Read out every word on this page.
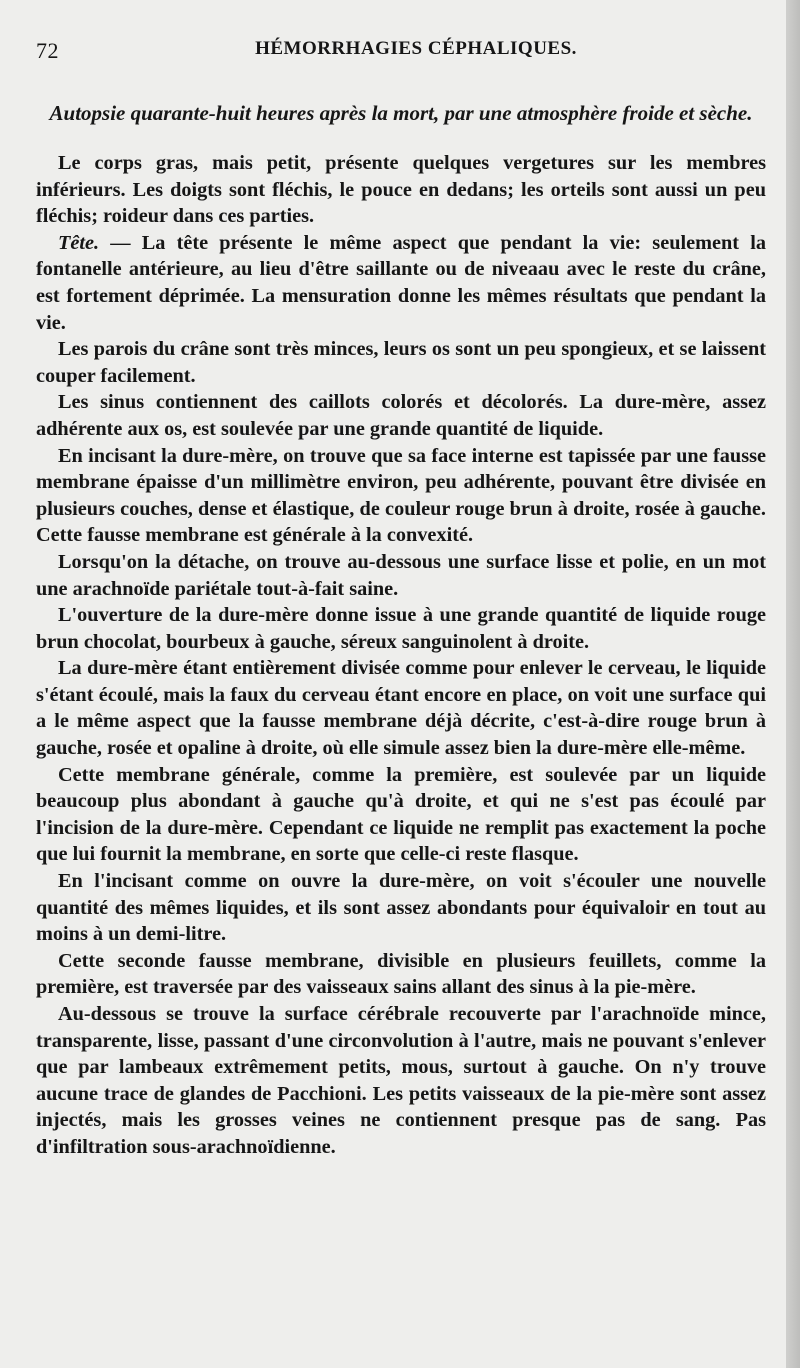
72	HÉMORRHAGIES CÉPHALIQUES.
Autopsie quarante-huit heures après la mort, par une atmosphère froide et sèche.

Le corps gras, mais petit, présente quelques vergetures sur les membres inférieurs. Les doigts sont fléchis, le pouce en dedans; les orteils sont aussi un peu fléchis; roideur dans ces parties.

Tête. — La tête présente le même aspect que pendant la vie: seulement la fontanelle antérieure, au lieu d'être saillante ou de niveaau avec le reste du crâne, est fortement déprimée. La mensuration donne les mêmes résultats que pendant la vie.

Les parois du crâne sont très minces, leurs os sont un peu spongieux, et se laissent couper facilement.

Les sinus contiennent des caillots colorés et décolorés. La dure-mère, assez adhérente aux os, est soulevée par une grande quantité de liquide.

En incisant la dure-mère, on trouve que sa face interne est tapissée par une fausse membrane épaisse d'un millimètre environ, peu adhérente, pouvant être divisée en plusieurs couches, dense et élastique, de couleur rouge brun à droite, rosée à gauche. Cette fausse membrane est générale à la convexité.

Lorsqu'on la détache, on trouve au-dessous une surface lisse et polie, en un mot une arachnoïde pariétale tout-à-fait saine.

L'ouverture de la dure-mère donne issue à une grande quantité de liquide rouge brun chocolat, bourbeux à gauche, séreux sanguinolent à droite.

La dure-mère étant entièrement divisée comme pour enlever le cerveau, le liquide s'étant écoulé, mais la faux du cerveau étant encore en place, on voit une surface qui a le même aspect que la fausse membrane déjà décrite, c'est-à-dire rouge brun à gauche, rosée et opaline à droite, où elle simule assez bien la dure-mère elle-même.

Cette membrane générale, comme la première, est soulevée par un liquide beaucoup plus abondant à gauche qu'à droite, et qui ne s'est pas écoulé par l'incision de la dure-mère. Cependant ce liquide ne remplit pas exactement la poche que lui fournit la membrane, en sorte que celle-ci reste flasque.

En l'incisant comme on ouvre la dure-mère, on voit s'écouler une nouvelle quantité des mêmes liquides, et ils sont assez abondants pour équivaloir en tout au moins à un demi-litre.

Cette seconde fausse membrane, divisible en plusieurs feuillets, comme la première, est traversée par des vaisseaux sains allant des sinus à la pie-mère.

Au-dessous se trouve la surface cérébrale recouverte par l'arachnoïde mince, transparente, lisse, passant d'une circonvolution à l'autre, mais ne pouvant s'enlever que par lambeaux extrêmement petits, mous, surtout à gauche. On n'y trouve aucune trace de glandes de Pacchioni. Les petits vaisseaux de la pie-mère sont assez injectés, mais les grosses veines ne contiennent presque pas de sang. Pas d'infiltration sous-arachnoïdienne.
